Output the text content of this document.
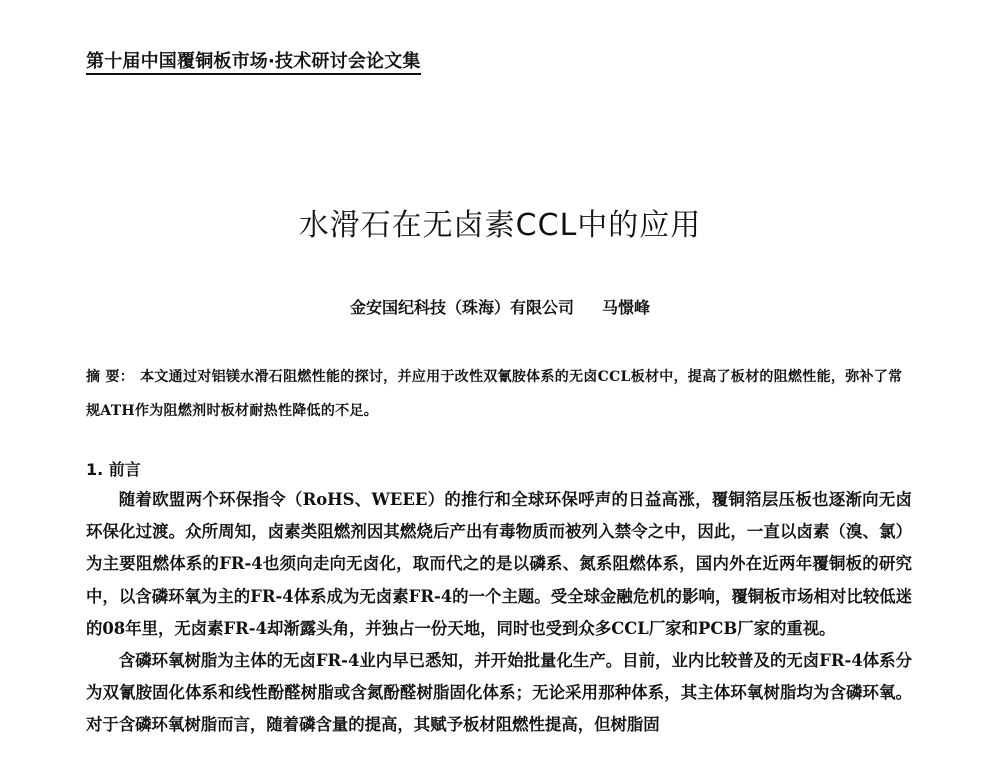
第十届中国覆铜板市场·技术研讨会论文集
水滑石在无卤素CCL中的应用
金安国纪科技（珠海）有限公司 马憬峰
摘 要： 本文通过对铝镁水滑石阻燃性能的探讨，并应用于改性双氰胺体系的无卤CCL板材中，提高了板材的阻燃性能，弥补了常规ATH作为阻燃剂时板材耐热性降低的不足。
1. 前言

随着欧盟两个环保指令（RoHS、WEEE）的推行和全球环保呼声的日益高涨，覆铜箔层压板也逐渐向无卤环保化过渡。众所周知，卤素类阻燃剂因其燃烧后产出有毒物质而被列入禁令之中，因此，一直以卤素（溴、氯）为主要阻燃体系的FR-4也须向走向无卤化，取而代之的是以磷系、氮系阻燃体系，国内外在近两年覆铜板的研究中，以含磷环氧为主的FR-4体系成为无卤素FR-4的一个主题。受全球金融危机的影响，覆铜板市场相对比较低迷的08年里，无卤素FR-4却渐露头角，并独占一份天地，同时也受到众多CCL厂家和PCB厂家的重视。

含磷环氧树脂为主体的无卤FR-4业内早已悉知，并开始批量化生产。目前，业内比较普及的无卤FR-4体系分为双氰胺固化体系和线性酚醛树脂或含氮酚醛树脂固化体系；无论采用那种体系，其主体环氧树脂均为含磷环氧。对于含磷环氧树脂而言，随着磷含量的提高，其赋予板材阻燃性提高，但树脂固
